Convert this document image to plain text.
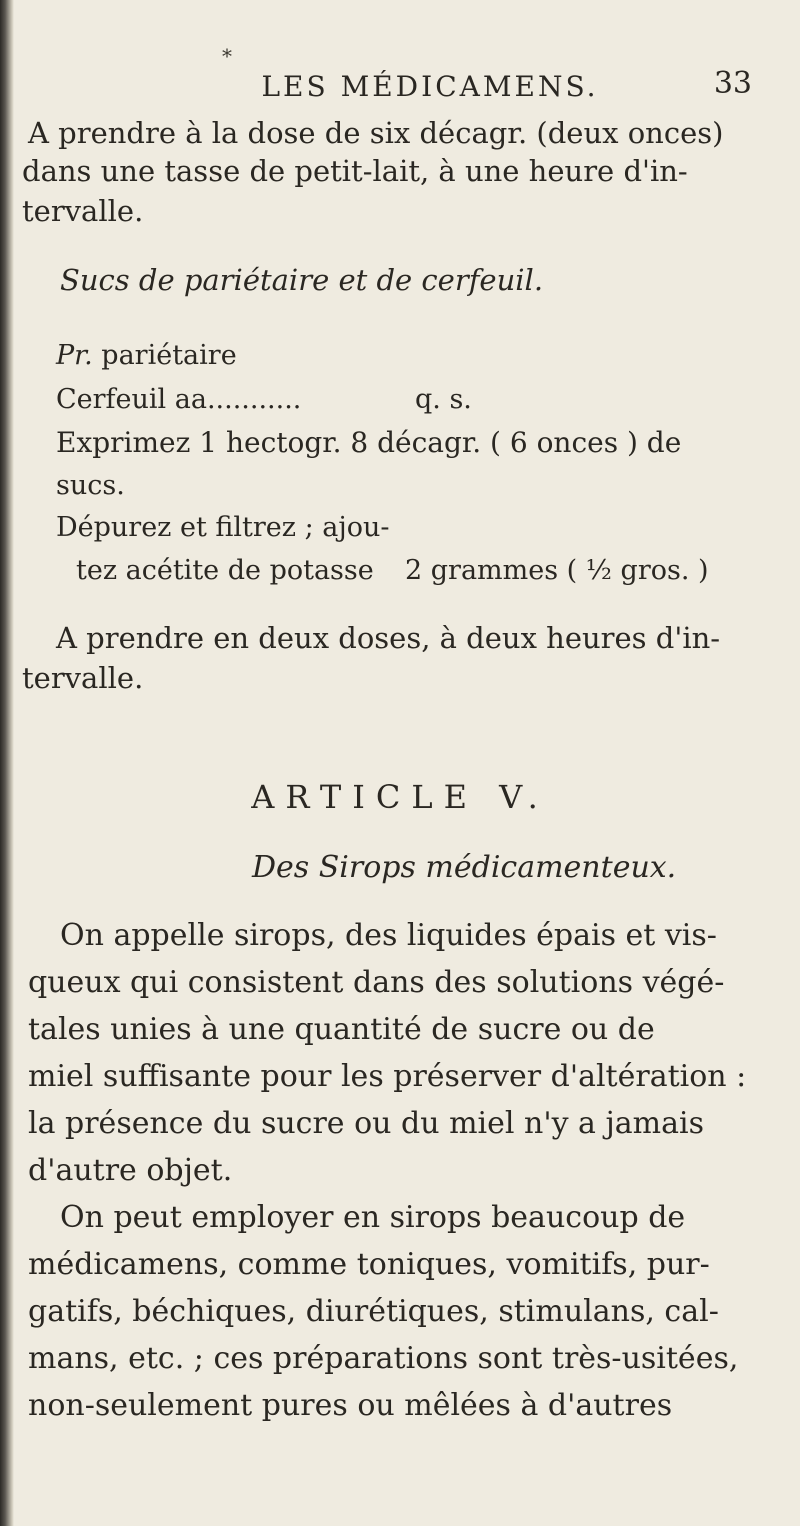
*
LES MÉDICAMENS.	33
A prendre à la dose de six décagr. (deux onces)
dans une tasse de petit-lait, à une heure d'in-
tervalle.
Sucs de pariétaire et de cerfeuil.
Pr. pariétaire
Cerfeuil aa...........	q. s.
Exprimez 1 hectogr. 8 décagr. ( 6 onces ) de
sucs.
Dépurez et filtrez ; ajou-
tez acétite de potasse 2 grammes ( ½ gros. )
A prendre en deux doses, à deux heures d'in-
tervalle.
ARTICLE V.
Des Sirops médicamenteux.
On appelle sirops, des liquides épais et vis-
queux qui consistent dans des solutions végé-
tales unies à une quantité de sucre ou de
miel suffisante pour les préserver d'altération :
la présence du sucre ou du miel n'y a jamais
d'autre objet.
On peut employer en sirops beaucoup de
médicamens, comme toniques, vomitifs, pur-
gatifs, béchiques, diurétiques, stimulans, cal-
mans, etc. ; ces préparations sont très-usitées,
non-seulement pures ou mêlées à d'autres
